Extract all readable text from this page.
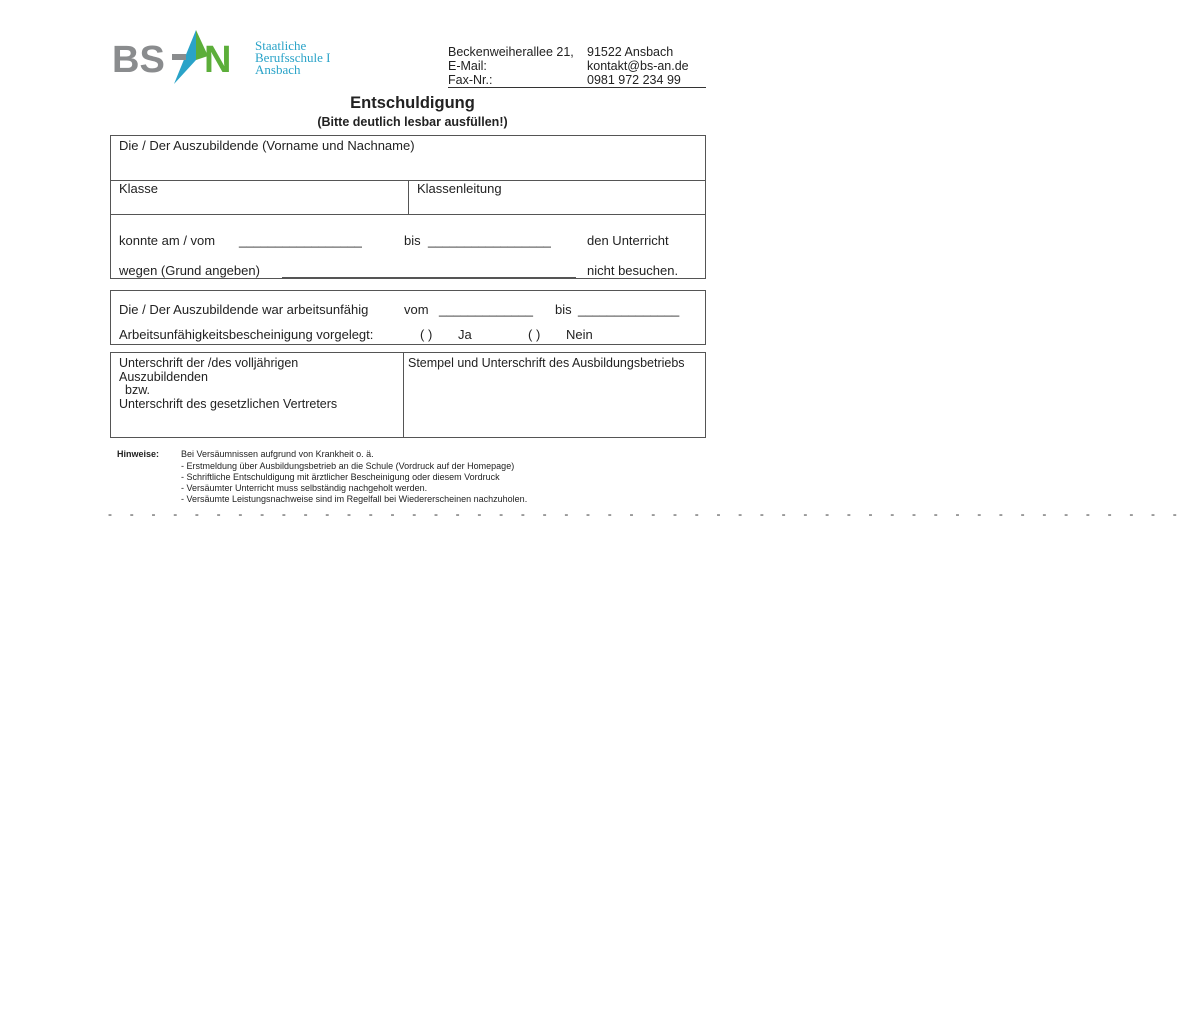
BS N Staatliche
Berufsschule I
Ansbach
Beckenweiherallee 21, 91522 Ansbach
E-Mail:	kontakt@bs-an.de
Fax-Nr.:	0981 972 234 99
Entschuldigung
(Bitte deutlich lesbar ausfüllen!)
Die / Der Auszubildende (Vorname und Nachname)
Klasse	Klassenleitung
konnte am / vom _________________	bis _________________	den Unterricht
wegen (Grund angeben)	nicht besuchen.
Die / Der Auszubildende war arbeitsunfähig	vom _____________ bis ______________
Arbeitsunfähigkeitsbescheinigung vorgelegt:	( ) Ja	( ) Nein
Unterschrift der /des volljährigen
Auszubildenden
bzw.
Unterschrift des gesetzlichen Vertreters
Stempel und Unterschrift des Ausbildungsbetriebs
Hinweise: Bei Versäumnissen aufgrund von Krankheit o. ä.
- Erstmeldung über Ausbildungsbetrieb an die Schule (Vordruck auf der Homepage)
- Schriftliche Entschuldigung mit ärztlicher Bescheinigung oder diesem Vordruck
- Versäumter Unterricht muss selbständig nachgeholt werden.
- Versäumte Leistungsnachweise sind im Regelfall bei Wiedererscheinen nachzuholen.
- - - - - - - - - - - - - - - - - - - - - - - - - - - - - - - - - - - - - - - - - - - - - - - - - -
